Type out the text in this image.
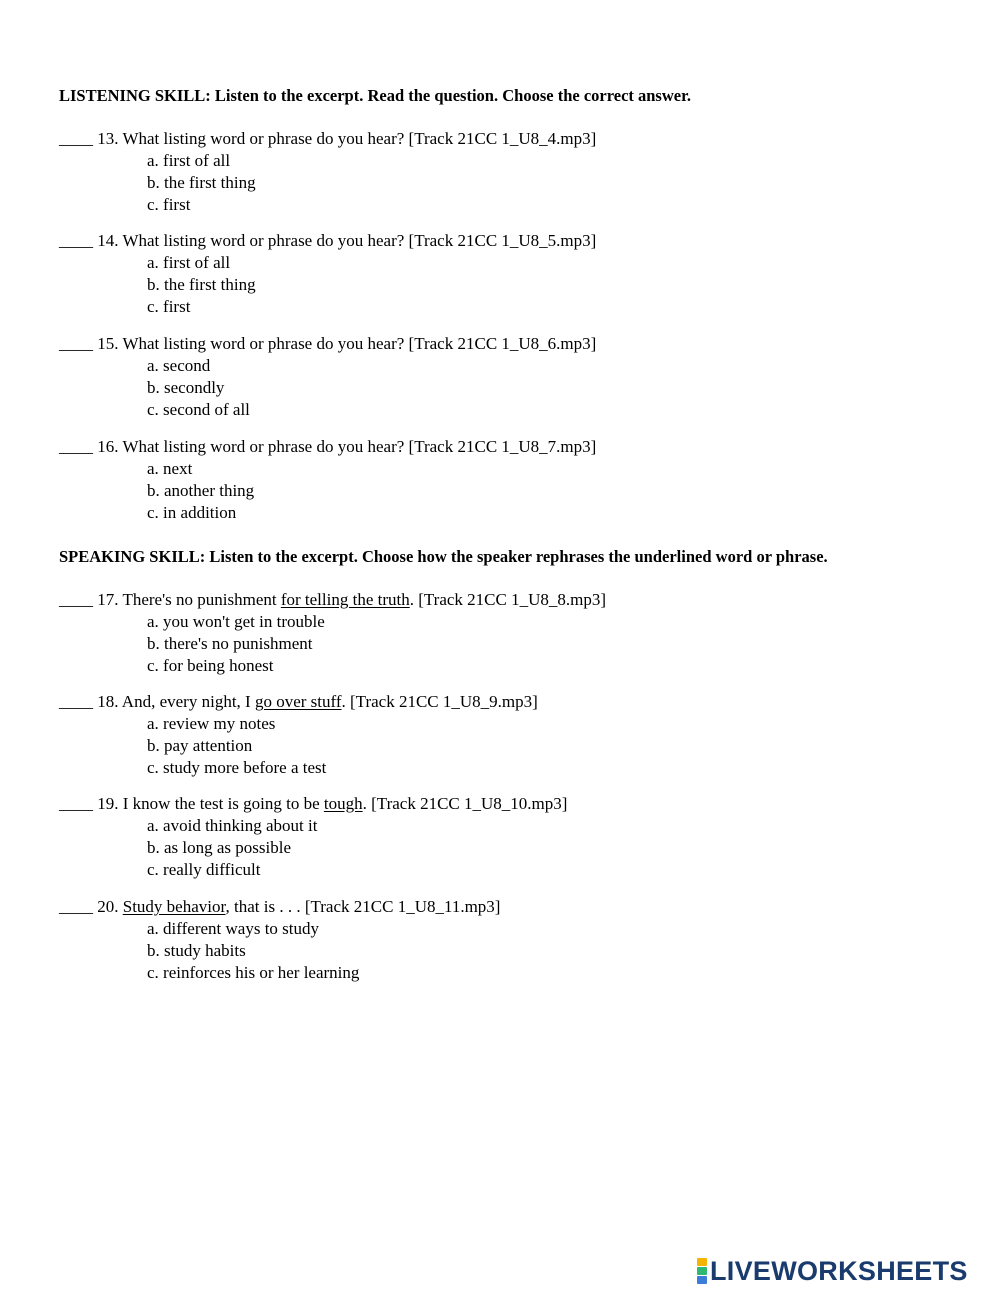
LISTENING SKILL: Listen to the excerpt. Read the question. Choose the correct answer.
____ 13. What listing word or phrase do you hear? [Track 21CC 1_U8_4.mp3]
a. first of all
b. the first thing
c. first
____ 14. What listing word or phrase do you hear? [Track 21CC 1_U8_5.mp3]
a. first of all
b. the first thing
c. first
____ 15. What listing word or phrase do you hear? [Track 21CC 1_U8_6.mp3]
a. second
b. secondly
c. second of all
____ 16. What listing word or phrase do you hear? [Track 21CC 1_U8_7.mp3]
a. next
b. another thing
c. in addition
SPEAKING SKILL: Listen to the excerpt. Choose how the speaker rephrases the underlined word or phrase.
____ 17. There's no punishment for telling the truth. [Track 21CC 1_U8_8.mp3]
a. you won't get in trouble
b. there's no punishment
c. for being honest
____ 18. And, every night, I go over stuff. [Track 21CC 1_U8_9.mp3]
a. review my notes
b. pay attention
c. study more before a test
____ 19. I know the test is going to be tough. [Track 21CC 1_U8_10.mp3]
a. avoid thinking about it
b. as long as possible
c. really difficult
____ 20. Study behavior, that is . . . [Track 21CC 1_U8_11.mp3]
a. different ways to study
b. study habits
c. reinforces his or her learning
LIVEWORKSHEETS
